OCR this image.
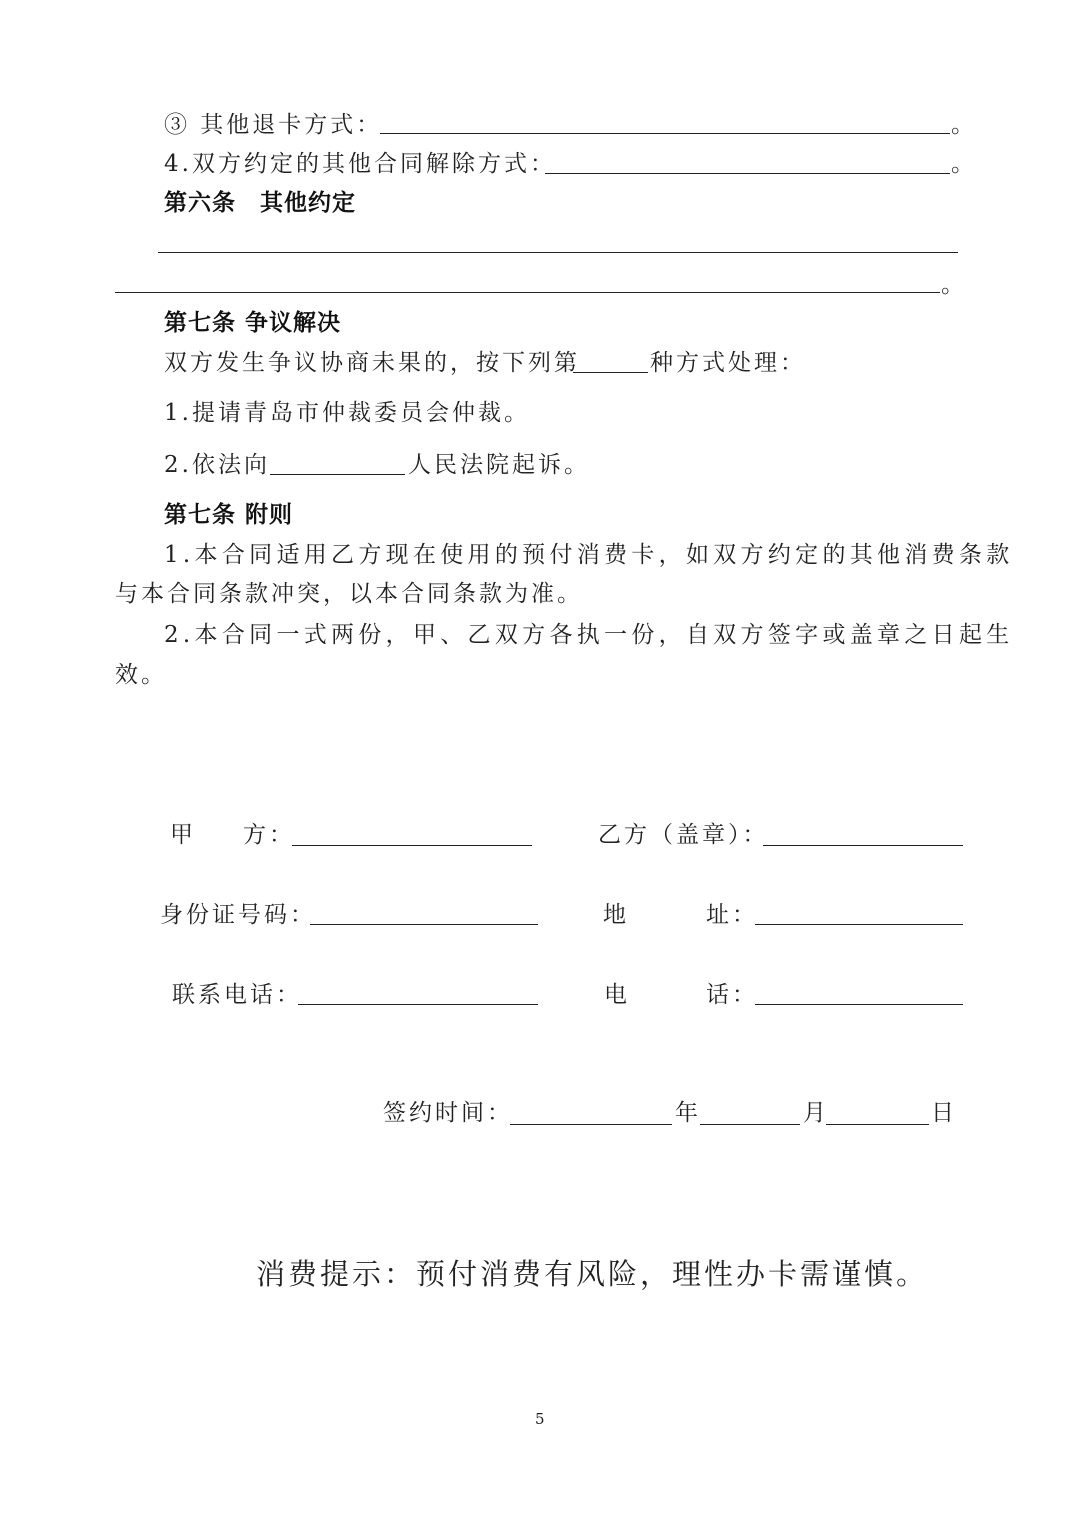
③ 其他退卡方式：	。
4.双方约定的其他合同解除方式：	。
第六条　其他约定
。
第七条 争议解决
双方发生争议协商未果的，按下列第	种方式处理：
1.提请青岛市仲裁委员会仲裁。
2.依法向	人民法院起诉。
第七条 附则
1.本合同适用乙方现在使用的预付消费卡，如双方约定的其他消费条款
与本合同条款冲突，以本合同条款为准。
2.本合同一式两份，甲、乙双方各执一份，自双方签字或盖章之日起生
效。
甲 方：	乙方（盖章）：
身份证号码：	地	址：
联系电话：	电	话：
签约时间：	年	月	日
消费提示：预付消费有风险，理性办卡需谨慎。
5
